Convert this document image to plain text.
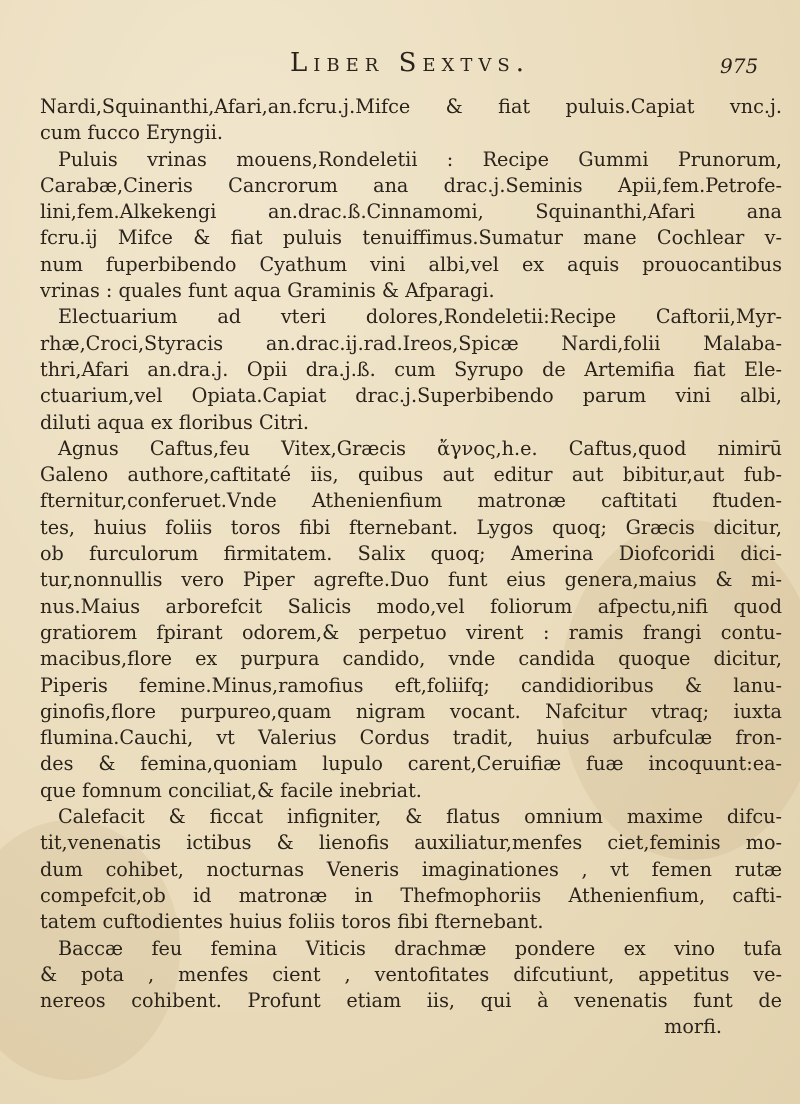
Liber Sextvs.	975
Nardi,Squinanthi,Afari,an.fcru.j.Mifce & fiat puluis.Capiat vnc.j.
cum fucco Eryngii.
Puluis vrinas mouens,Rondeletii : Recipe Gummi Prunorum,
Carabæ,Cineris Cancrorum ana drac.j.Seminis Apii,fem.Petrofe-
lini,fem.Alkekengi an.drac.ß.Cinnamomi, Squinanthi,Afari ana
fcru.ij Mifce & fiat puluis tenuiffimus.Sumatur mane Cochlear v-
num fuperbibendo Cyathum vini albi,vel ex aquis prouocantibus
vrinas : quales funt aqua Graminis & Afparagi.
Electuarium ad vteri dolores,Rondeletii:Recipe Caftorii,Myr-
rhæ,Croci,Styracis an.drac.ij.rad.Ireos,Spicæ Nardi,folii Malaba-
thri,Afari an.dra.j. Opii dra.j.ß. cum Syrupo de Artemifia fiat Ele-
ctuarium,vel Opiata.Capiat drac.j.Superbibendo parum vini albi,
diluti aqua ex floribus Citri.
Agnus Caftus,feu Vitex,Græcis ἄγνος,h.e. Caftus,quod nimirū
Galeno authore,caftitaté iis, quibus aut editur aut bibitur,aut fub-
fternitur,conferuet.Vnde Athenienfium matronæ caftitati ftuden-
tes, huius foliis toros fibi fternebant. Lygos quoq; Græcis dicitur,
ob furculorum firmitatem. Salix quoq; Amerina Diofcoridi dici-
tur,nonnullis vero Piper agrefte.Duo funt eius genera,maius & mi-
nus.Maius arborefcit Salicis modo,vel foliorum afpectu,nifi quod
gratiorem fpirant odorem,& perpetuo virent : ramis frangi contu-
macibus,flore ex purpura candido, vnde candida quoque dicitur,
Piperis femine.Minus,ramofius eft,foliifq; candidioribus & lanu-
ginofis,flore purpureo,quam nigram vocant. Nafcitur vtraq; iuxta
flumina.Cauchi, vt Valerius Cordus tradit, huius arbufculæ fron-
des & femina,quoniam lupulo carent,Ceruifiæ fuæ incoquunt:ea-
que fomnum conciliat,& facile inebriat.
Calefacit & ficcat infigniter, & flatus omnium maxime difcu-
tit,venenatis ictibus & lienofis auxiliatur,menfes ciet,feminis mo-
dum cohibet, nocturnas Veneris imaginationes , vt femen rutæ
compefcit,ob id matronæ in Thefmophoriis Athenienfium, cafti-
tatem cuftodientes huius foliis toros fibi fternebant.
Baccæ feu femina Viticis drachmæ pondere ex vino tufa
& pota , menfes cient , ventofitates difcutiunt, appetitus ve-
nereos cohibent. Profunt etiam iis, qui à venenatis funt de
morfi.
